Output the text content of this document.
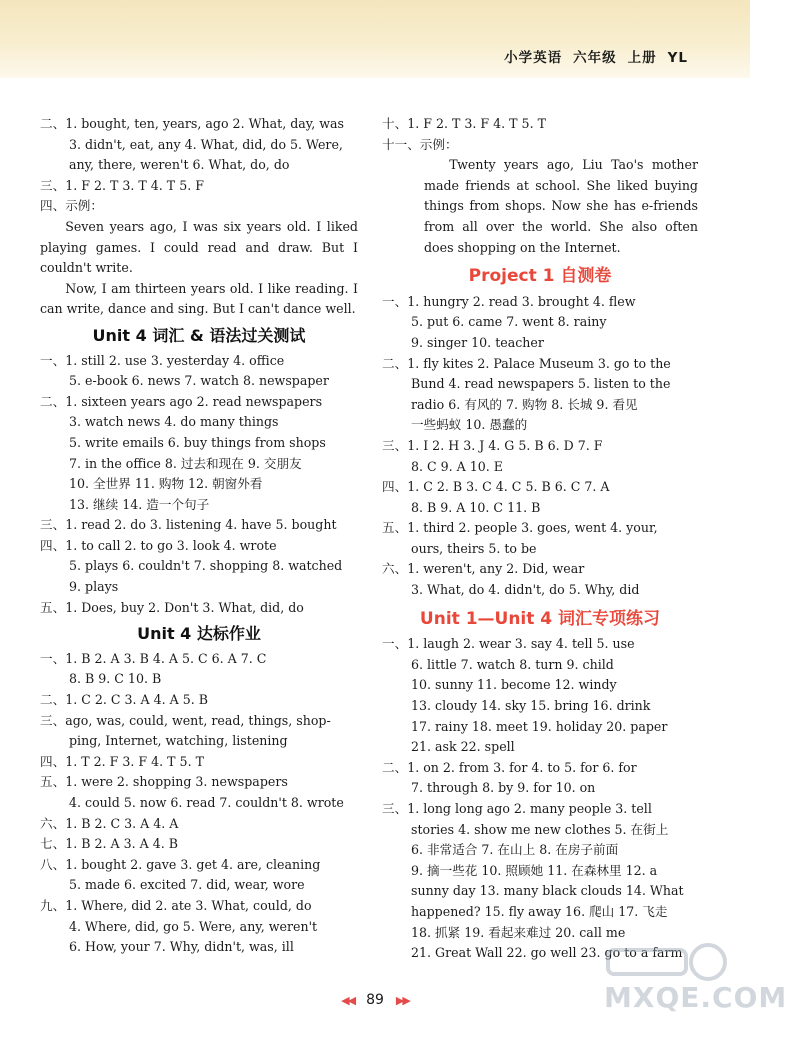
小学英语 六年级 上册 YL
二、1. bought, ten, years, ago 2. What, day, was
3. didn't, eat, any 4. What, did, do 5. Were,
any, there, weren't 6. What, do, do
三、1. F 2. T 3. T 4. T 5. F
四、示例：
Seven years ago, I was six years old. I liked playing games. I could read and draw. But I couldn't write.
Now, I am thirteen years old. I like reading. I can write, dance and sing. But I can't dance well.
Unit 4 词汇 & 语法过关测试
一、1. still 2. use 3. yesterday 4. office
5. e-book 6. news 7. watch 8. newspaper
二、1. sixteen years ago 2. read newspapers
3. watch news 4. do many things
5. write emails 6. buy things from shops
7. in the office 8. 过去和现在 9. 交朋友
10. 全世界 11. 购物 12. 朝窗外看
13. 继续 14. 造一个句子
三、1. read 2. do 3. listening 4. have 5. bought
四、1. to call 2. to go 3. look 4. wrote
5. plays 6. couldn't 7. shopping 8. watched
9. plays
五、1. Does, buy 2. Don't 3. What, did, do
Unit 4 达标作业
一、1. B 2. A 3. B 4. A 5. C 6. A 7. C
8. B 9. C 10. B
二、1. C 2. C 3. A 4. A 5. B
三、ago, was, could, went, read, things, shop-
ping, Internet, watching, listening
四、1. T 2. F 3. F 4. T 5. T
五、1. were 2. shopping 3. newspapers
4. could 5. now 6. read 7. couldn't 8. wrote
六、1. B 2. C 3. A 4. A
七、1. B 2. A 3. A 4. B
八、1. bought 2. gave 3. get 4. are, cleaning
5. made 6. excited 7. did, wear, wore
九、1. Where, did 2. ate 3. What, could, do
4. Where, did, go 5. Were, any, weren't
6. How, your 7. Why, didn't, was, ill
十、1. F 2. T 3. F 4. T 5. T
十一、示例：
Twenty years ago, Liu Tao's mother made friends at school. She liked buying things from shops. Now she has e-friends from all over the world. She also often does shopping on the Internet.
Project 1 自测卷
一、1. hungry 2. read 3. brought 4. flew
5. put 6. came 7. went 8. rainy
9. singer 10. teacher
二、1. fly kites 2. Palace Museum 3. go to the
Bund 4. read newspapers 5. listen to the
radio 6. 有风的 7. 购物 8. 长城 9. 看见
一些蚂蚁 10. 愚蠢的
三、1. I 2. H 3. J 4. G 5. B 6. D 7. F
8. C 9. A 10. E
四、1. C 2. B 3. C 4. C 5. B 6. C 7. A
8. B 9. A 10. C 11. B
五、1. third 2. people 3. goes, went 4. your,
ours, theirs 5. to be
六、1. weren't, any 2. Did, wear
3. What, do 4. didn't, do 5. Why, did
Unit 1—Unit 4 词汇专项练习
一、1. laugh 2. wear 3. say 4. tell 5. use
6. little 7. watch 8. turn 9. child
10. sunny 11. become 12. windy
13. cloudy 14. sky 15. bring 16. drink
17. rainy 18. meet 19. holiday 20. paper
21. ask 22. spell
二、1. on 2. from 3. for 4. to 5. for 6. for
7. through 8. by 9. for 10. on
三、1. long long ago 2. many people 3. tell
stories 4. show me new clothes 5. 在街上
6. 非常适合 7. 在山上 8. 在房子前面
9. 摘一些花 10. 照顾她 11. 在森林里 12. a
sunny day 13. many black clouds 14. What
happened? 15. fly away 16. 爬山 17. 飞走
18. 抓紧 19. 看起来难过 20. call me
21. Great Wall 22. go well 23. go to a farm
◀◀ 89 ▶▶	MXQE.COM
